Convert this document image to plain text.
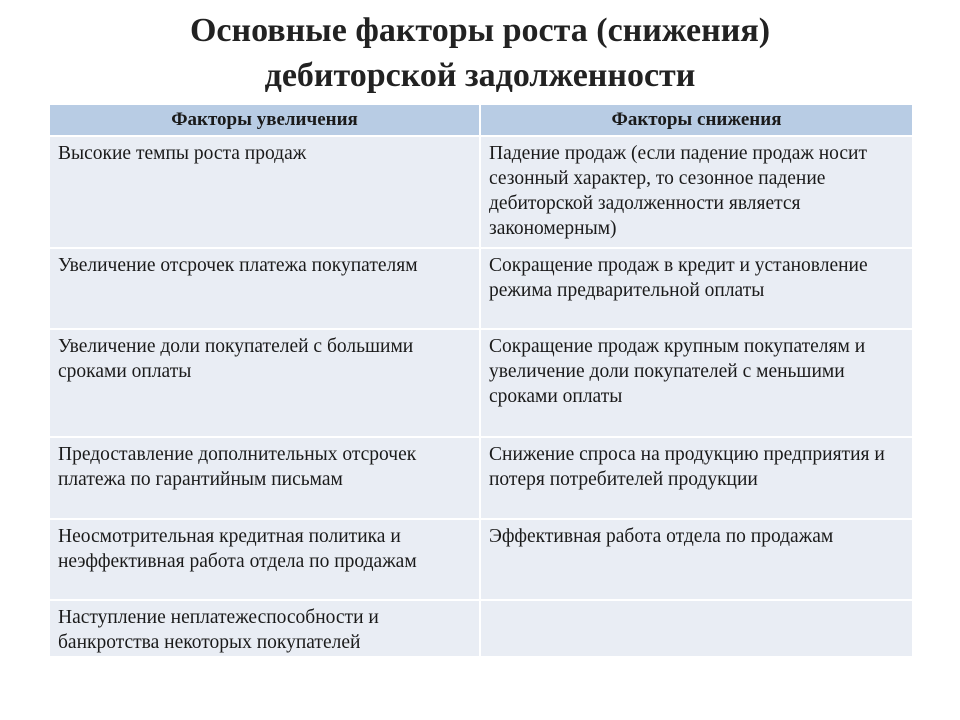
Основные факторы роста (снижения)
дебиторской задолженности
Факторы увеличения	Факторы снижения
Высокие темпы роста продаж	Падение продаж (если падение продаж носит сезонный характер, то сезонное падение дебиторской задолженности является закономерным)
Увеличение отсрочек платежа покупателям	Сокращение продаж в кредит и установление режима предварительной оплаты
Увеличение доли покупателей с большими сроками оплаты	Сокращение продаж крупным покупателям и увеличение доли покупателей с меньшими сроками оплаты
Предоставление дополнительных отсрочек платежа по гарантийным письмам	Снижение спроса на продукцию предприятия и потеря потребителей продукции
Неосмотрительная кредитная политика и неэффективная работа отдела по продажам	Эффективная работа отдела по продажам
Наступление неплатежеспособности и банкротства некоторых покупателей	
